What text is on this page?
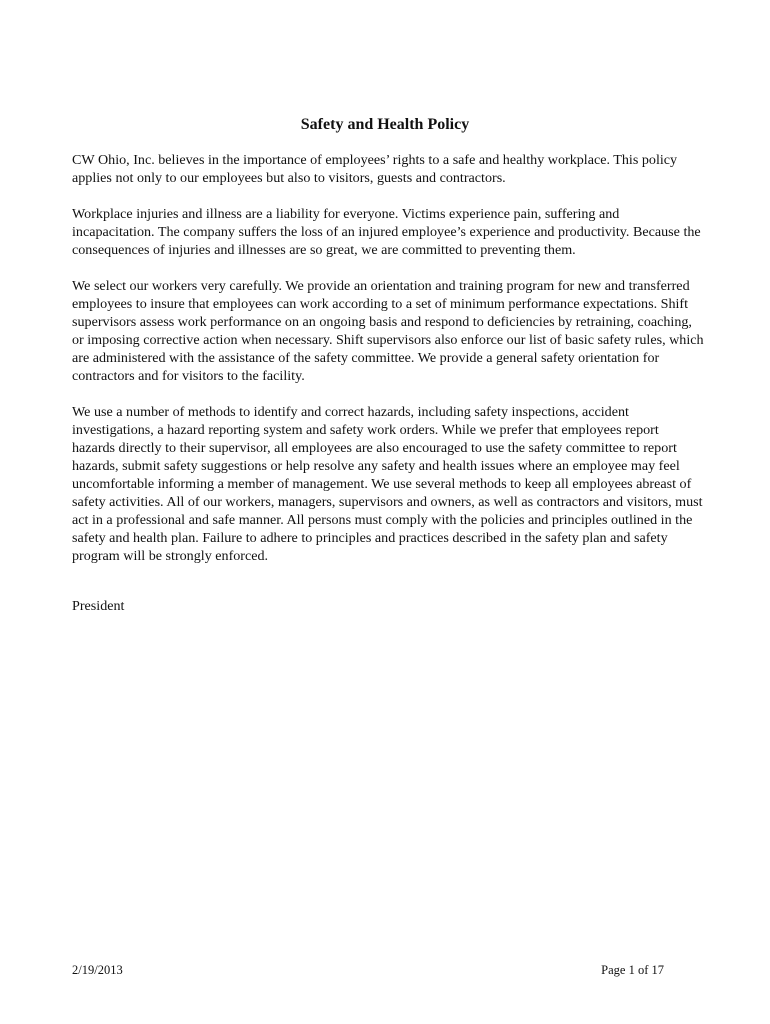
Safety and Health Policy

CW Ohio, Inc. believes in the importance of employees’ rights to a safe and healthy workplace. This policy applies not only to our employees but also to visitors, guests and contractors.

Workplace injuries and illness are a liability for everyone. Victims experience pain, suffering and incapacitation. The company suffers the loss of an injured employee’s experience and productivity. Because the consequences of injuries and illnesses are so great, we are committed to preventing them.

We select our workers very carefully. We provide an orientation and training program for new and transferred employees to insure that employees can work according to a set of minimum performance expectations. Shift supervisors assess work performance on an ongoing basis and respond to deficiencies by retraining, coaching, or imposing corrective action when necessary. Shift supervisors also enforce our list of basic safety rules, which are administered with the assistance of the safety committee. We provide a general safety orientation for contractors and for visitors to the facility.

We use a number of methods to identify and correct hazards, including safety inspections, accident investigations, a hazard reporting system and safety work orders. While we prefer that employees report hazards directly to their supervisor, all employees are also encouraged to use the safety committee to report hazards, submit safety suggestions or help resolve any safety and health issues where an employee may feel uncomfortable informing a member of management. We use several methods to keep all employees abreast of safety activities. All of our workers, managers, supervisors and owners, as well as contractors and visitors, must act in a professional and safe manner. All persons must comply with the policies and principles outlined in the safety and health plan. Failure to adhere to principles and practices described in the safety plan and safety program will be strongly enforced.

President
2/19/2013	Page 1 of 17
